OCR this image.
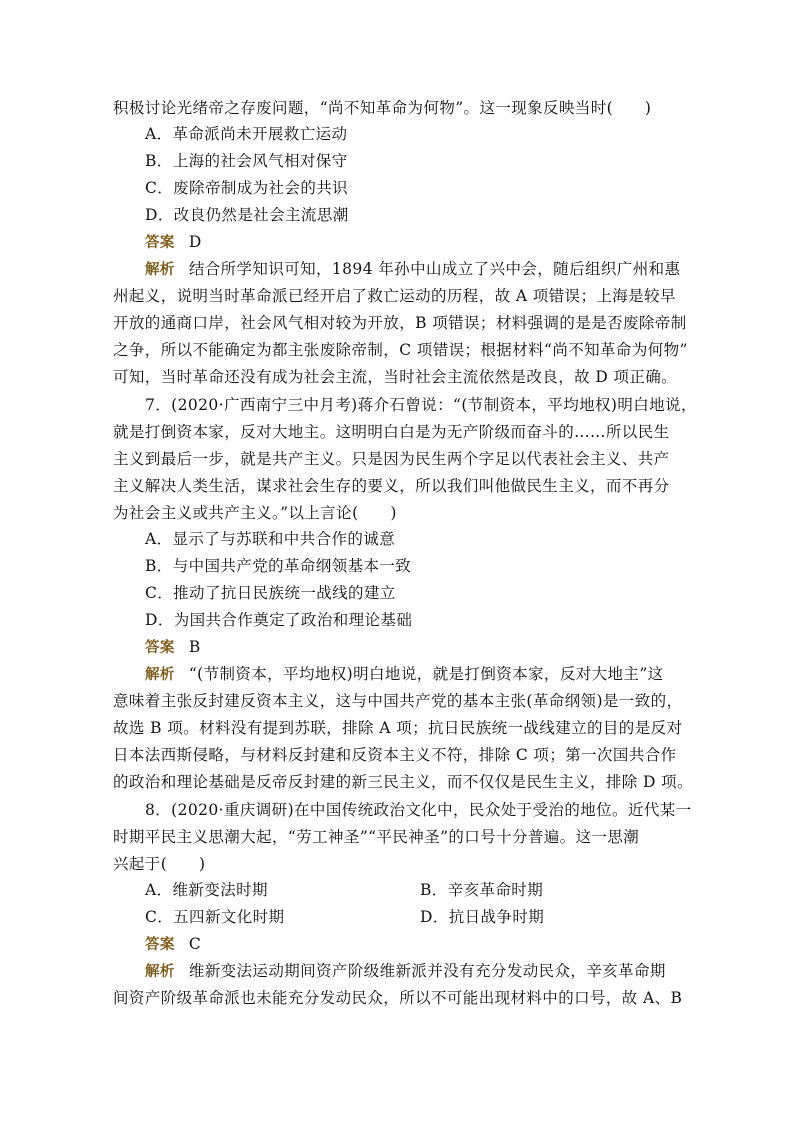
积极讨论光绪帝之存废问题，“尚不知革命为何物”。这一现象反映当时(　　)
A．革命派尚未开展救亡运动
B．上海的社会风气相对保守
C．废除帝制成为社会的共识
D．改良仍然是社会主流思潮
答案 D
解析 结合所学知识可知，1894 年孙中山成立了兴中会，随后组织广州和惠
州起义，说明当时革命派已经开启了救亡运动的历程，故 A 项错误；上海是较早
开放的通商口岸，社会风气相对较为开放，B 项错误；材料强调的是是否废除帝制
之争，所以不能确定为都主张废除帝制，C 项错误；根据材料“尚不知革命为何物”
可知，当时革命还没有成为社会主流，当时社会主流依然是改良，故 D 项正确。
7．(2020·广西南宁三中月考)蒋介石曾说：“(节制资本，平均地权)明白地说，
就是打倒资本家，反对大地主。这明明白白是为无产阶级而奋斗的……所以民生
主义到最后一步，就是共产主义。只是因为民生两个字足以代表社会主义、共产
主义解决人类生活，谋求社会生存的要义，所以我们叫他做民生主义，而不再分
为社会主义或共产主义。”以上言论(　　)
A．显示了与苏联和中共合作的诚意
B．与中国共产党的革命纲领基本一致
C．推动了抗日民族统一战线的建立
D．为国共合作奠定了政治和理论基础
答案 B
解析 “(节制资本，平均地权)明白地说，就是打倒资本家，反对大地主”这
意味着主张反封建反资本主义，这与中国共产党的基本主张(革命纲领)是一致的，
故选 B 项。材料没有提到苏联，排除 A 项；抗日民族统一战线建立的目的是反对
日本法西斯侵略，与材料反封建和反资本主义不符，排除 C 项；第一次国共合作
的政治和理论基础是反帝反封建的新三民主义，而不仅仅是民生主义，排除 D 项。
8．(2020·重庆调研)在中国传统政治文化中，民众处于受治的地位。近代某一
时期平民主义思潮大起，“劳工神圣”“平民神圣”的口号十分普遍。这一思潮
兴起于(　　)
A．维新变法时期	B．辛亥革命时期
C．五四新文化时期	D．抗日战争时期
答案 C
解析 维新变法运动期间资产阶级维新派并没有充分发动民众，辛亥革命期
间资产阶级革命派也未能充分发动民众，所以不可能出现材料中的口号，故 A、B
